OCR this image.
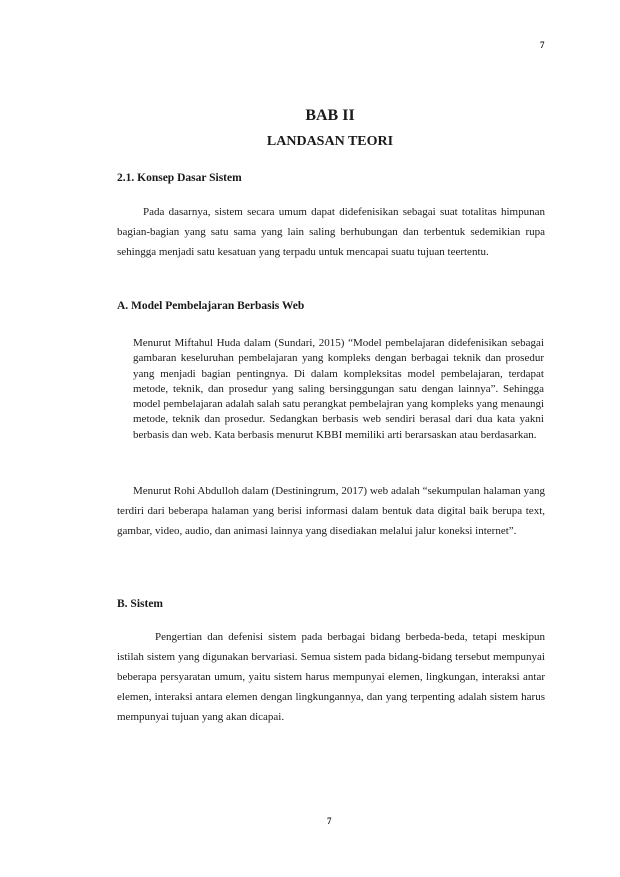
7
BAB II
LANDASAN TEORI
2.1. Konsep Dasar Sistem

Pada dasarnya, sistem secara umum dapat didefenisikan sebagai suat totalitas himpunan bagian-bagian yang satu sama yang lain saling berhubungan dan terbentuk sedemikian rupa sehingga menjadi satu kesatuan yang terpadu untuk mencapai suatu tujuan teertentu.

A. Model Pembelajaran Berbasis Web

Menurut Miftahul Huda dalam (Sundari, 2015) “Model pembelajaran didefenisikan sebagai gambaran keseluruhan pembelajaran yang kompleks dengan berbagai teknik dan prosedur yang menjadi bagian pentingnya. Di dalam kompleksitas model pembelajaran, terdapat metode, teknik, dan prosedur yang saling bersinggungan satu dengan lainnya”. Sehingga model pembelajaran adalah salah satu perangkat pembelajran yang kompleks yang menaungi metode, teknik dan prosedur. Sedangkan berbasis web sendiri berasal dari dua kata yakni berbasis dan web. Kata berbasis menurut KBBI memiliki arti berarsaskan atau berdasarkan.

Menurut Rohi Abdulloh dalam (Destiningrum, 2017) web adalah “sekumpulan halaman yang terdiri dari beberapa halaman yang berisi informasi dalam bentuk data digital baik berupa text, gambar, video, audio, dan animasi lainnya yang disediakan melalui jalur koneksi internet”.

B. Sistem

Pengertian dan defenisi sistem pada berbagai bidang berbeda-beda, tetapi meskipun istilah sistem yang digunakan bervariasi. Semua sistem pada bidang-bidang tersebut mempunyai beberapa persyaratan umum, yaitu sistem harus mempunyai elemen, lingkungan, interaksi antar elemen, interaksi antara elemen dengan lingkungannya, dan yang terpenting adalah sistem harus mempunyai tujuan yang akan dicapai.

7
